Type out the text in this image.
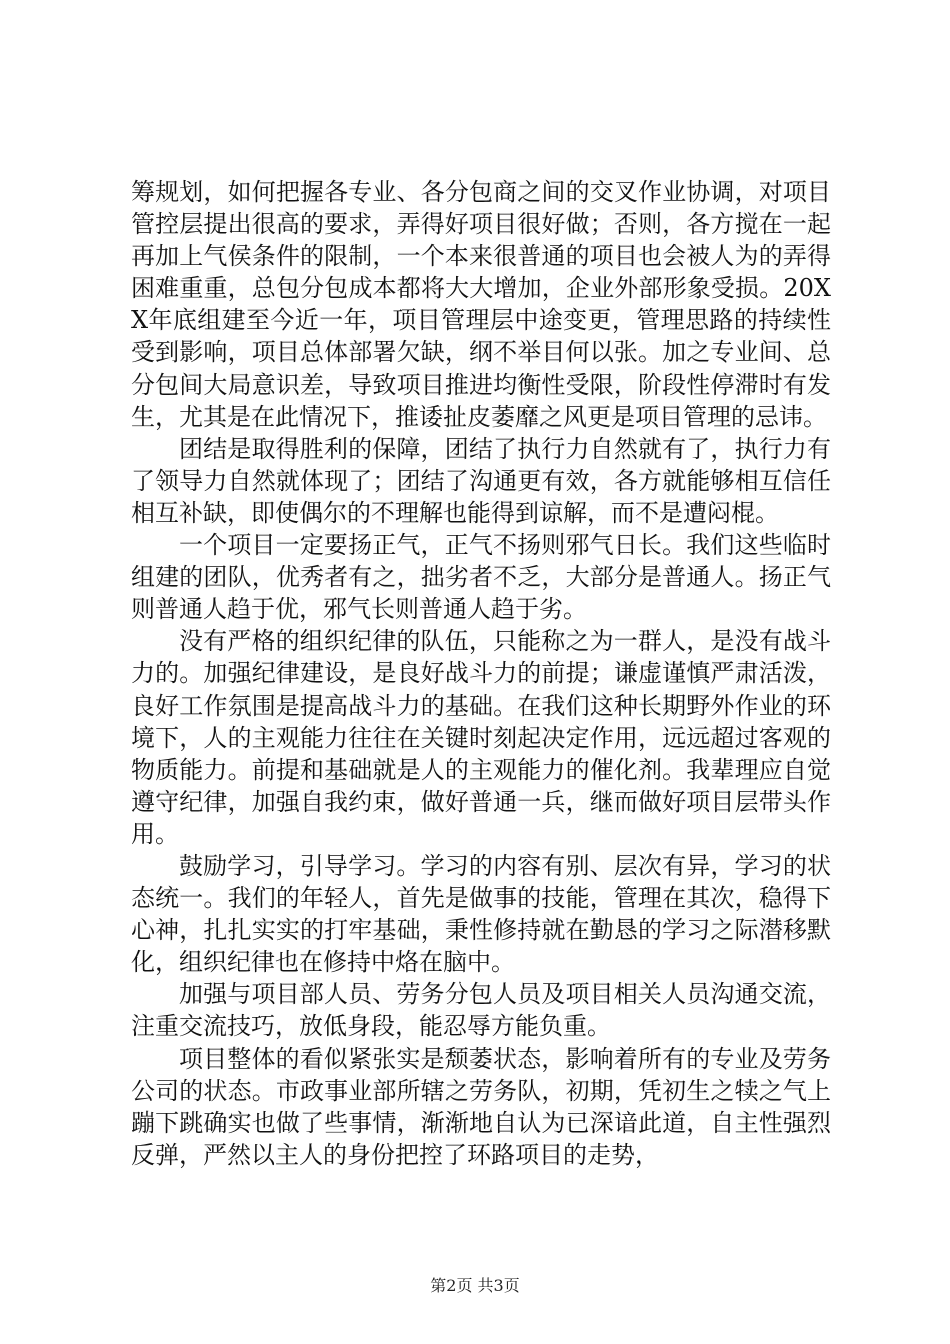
筹规划，如何把握各专业、各分包商之间的交叉作业协调，对项目管控层提出很高的要求，弄得好项目很好做；否则，各方搅在一起再加上气侯条件的限制，一个本来很普通的项目也会被人为的弄得困难重重，总包分包成本都将大大增加，企业外部形象受损。20XX年底组建至今近一年，项目管理层中途变更，管理思路的持续性受到影响，项目总体部署欠缺，纲不举目何以张。加之专业间、总分包间大局意识差，导致项目推进均衡性受限，阶段性停滞时有发生，尤其是在此情况下，推诿扯皮萎靡之风更是项目管理的忌讳。

团结是取得胜利的保障，团结了执行力自然就有了，执行力有了领导力自然就体现了；团结了沟通更有效，各方就能够相互信任相互补缺，即使偶尔的不理解也能得到谅解，而不是遭闷棍。

一个项目一定要扬正气，正气不扬则邪气日长。我们这些临时组建的团队，优秀者有之，拙劣者不乏，大部分是普通人。扬正气则普通人趋于优，邪气长则普通人趋于劣。

没有严格的组织纪律的队伍，只能称之为一群人，是没有战斗力的。加强纪律建设，是良好战斗力的前提；谦虚谨慎严肃活泼，良好工作氛围是提高战斗力的基础。在我们这种长期野外作业的环境下，人的主观能力往往在关键时刻起决定作用，远远超过客观的物质能力。前提和基础就是人的主观能力的催化剂。我辈理应自觉遵守纪律，加强自我约束，做好普通一兵，继而做好项目层带头作用。

鼓励学习，引导学习。学习的内容有别、层次有异，学习的状态统一。我们的年轻人，首先是做事的技能，管理在其次，稳得下心神，扎扎实实的打牢基础，秉性修持就在勤恳的学习之际潜移默化，组织纪律也在修持中烙在脑中。

加强与项目部人员、劳务分包人员及项目相关人员沟通交流，注重交流技巧，放低身段，能忍辱方能负重。

项目整体的看似紧张实是颓萎状态，影响着所有的专业及劳务公司的状态。市政事业部所辖之劳务队，初期，凭初生之犊之气上蹦下跳确实也做了些事情，渐渐地自认为已深谙此道，自主性强烈反弹，严然以主人的身份把控了环路项目的走势，

第2页 共3页
